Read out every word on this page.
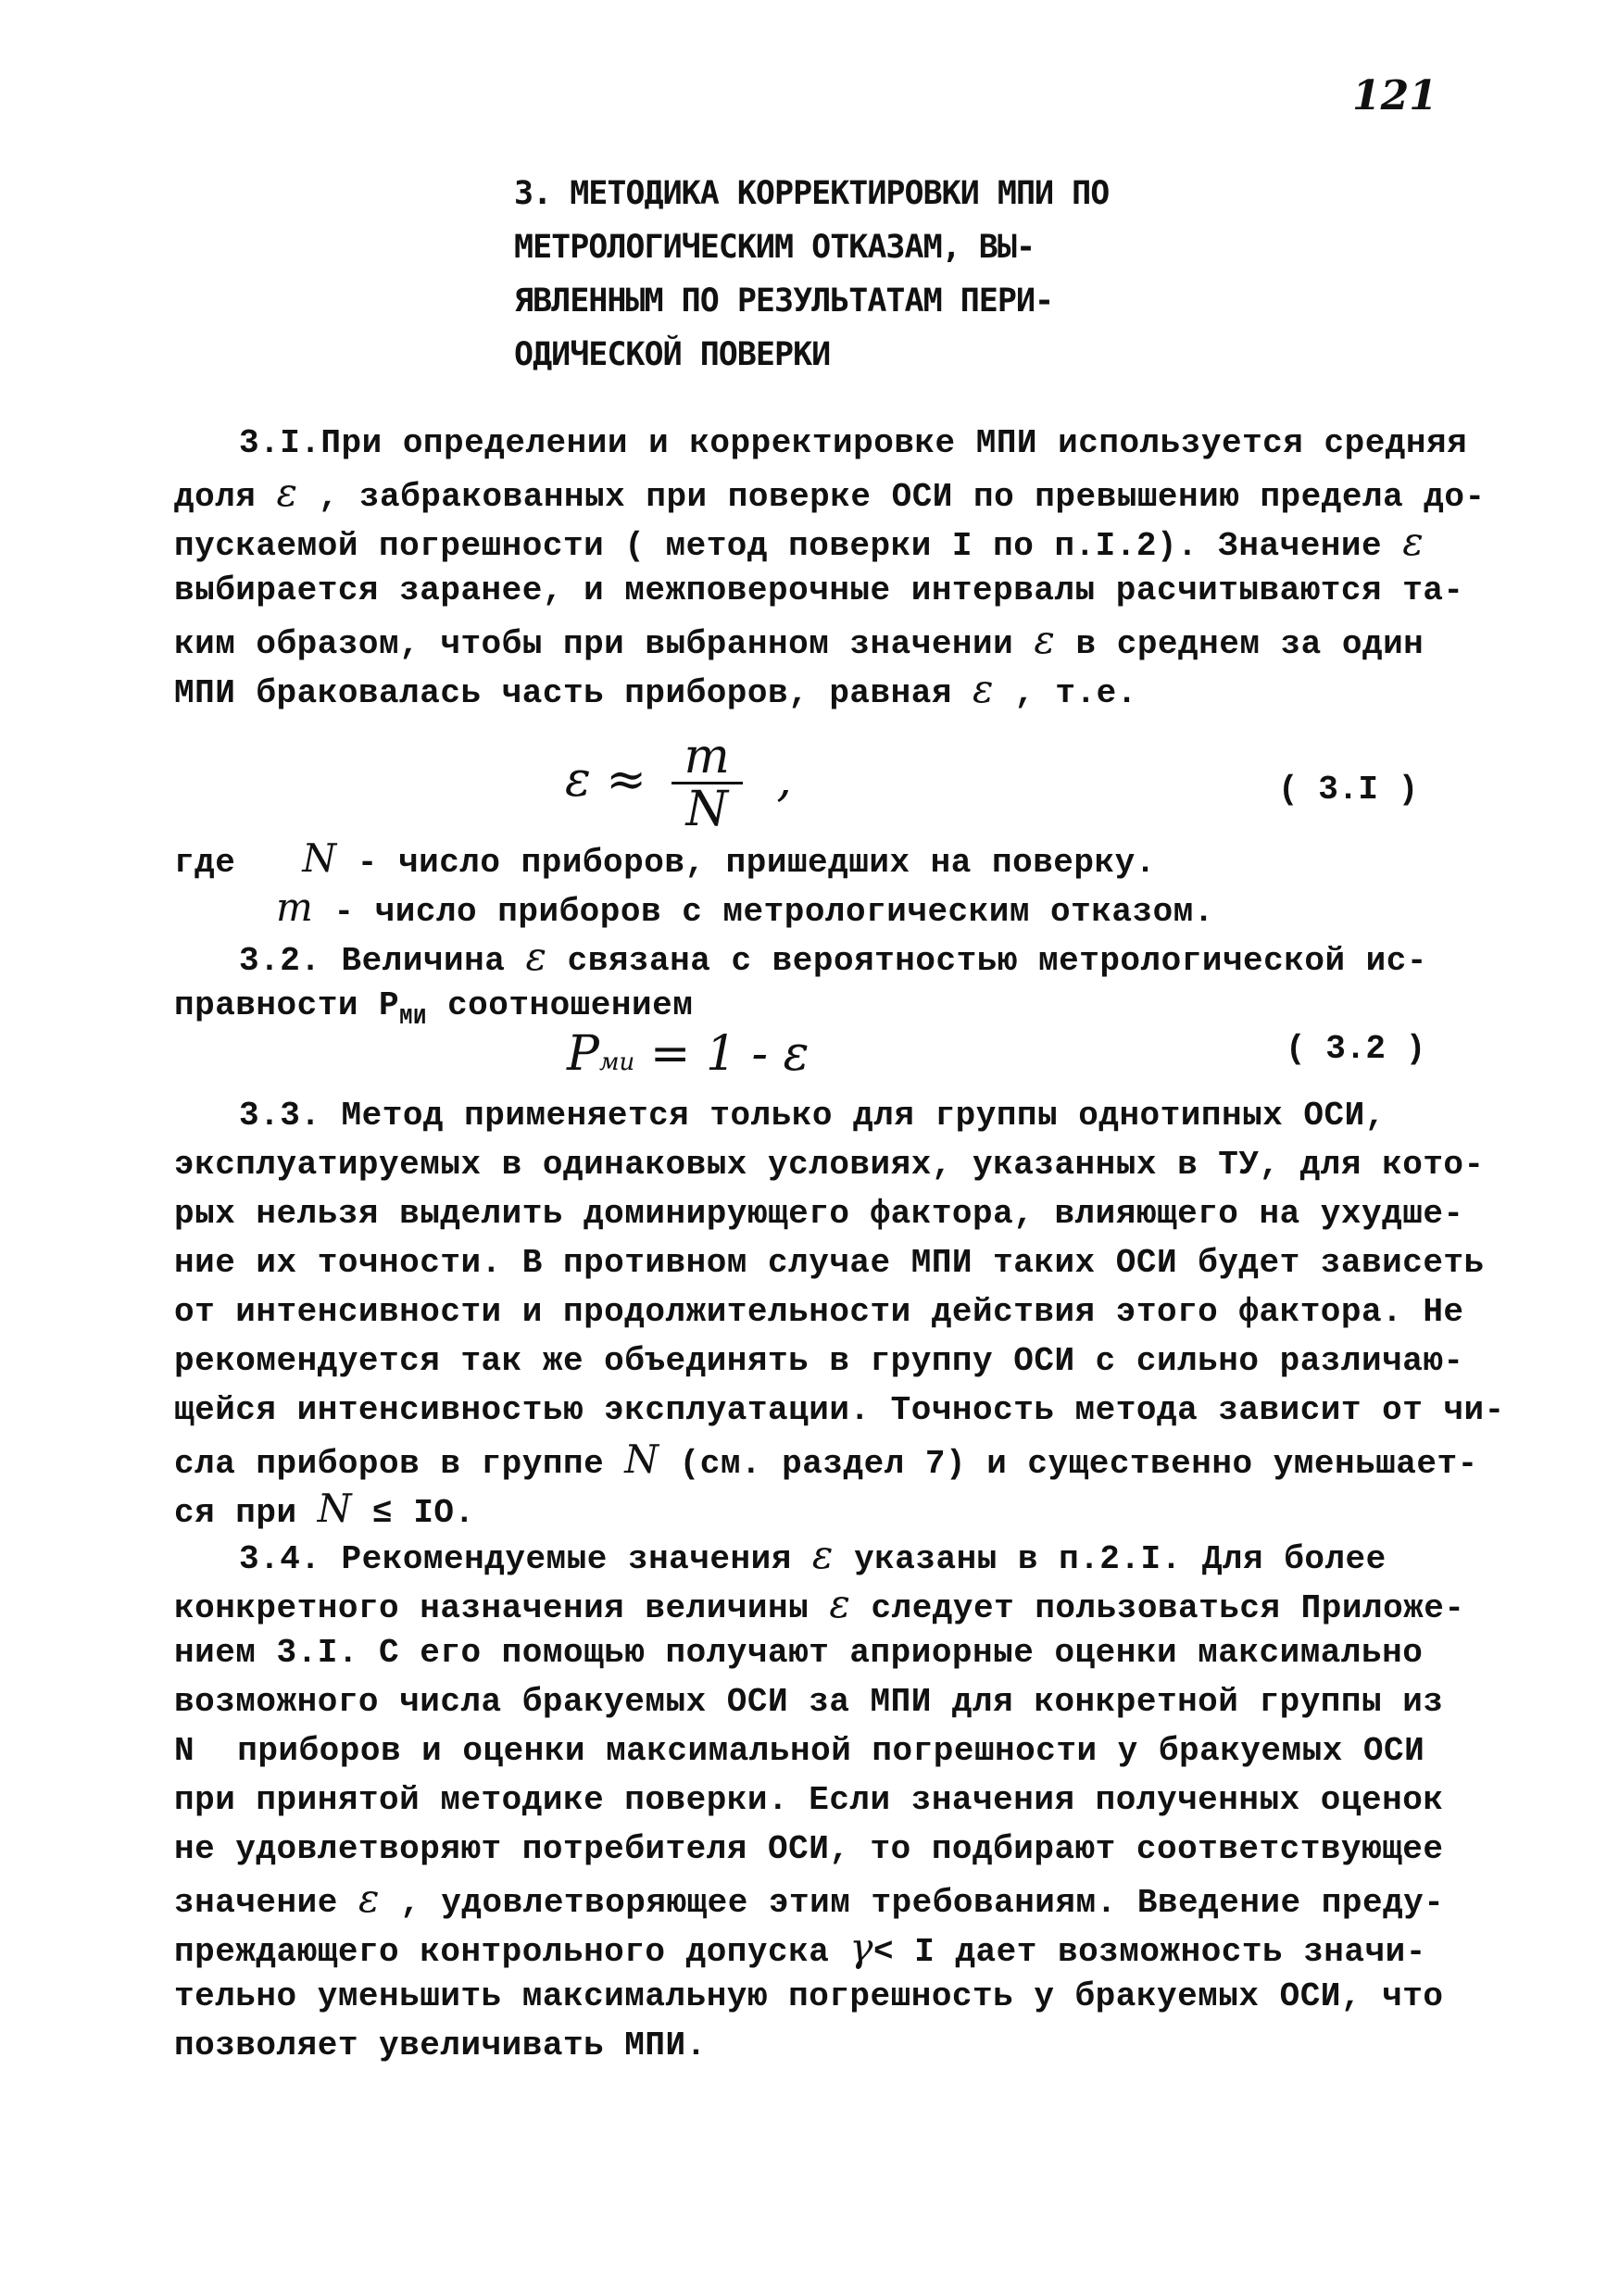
121
3. МЕТОДИКА КОРРЕКТИРОВКИ МПИ ПО
МЕТРОЛОГИЧЕСКИМ ОТКАЗАМ, ВЫ-
ЯВЛЕННЫМ ПО РЕЗУЛЬТАТАМ ПЕРИ-
ОДИЧЕСКОЙ ПОВЕРКИ
3.I.При определении и корректировке МПИ используется средняя
доля ε , забракованных при поверке ОСИ по превышению предела до-
пускаемой погрешности ( метод поверки I по п.I.2). Значение ε
выбирается заранее, и межповерочные интервалы расчитываются та-
ким образом, чтобы при выбранном значении ε в среднем за один
МПИ браковалась часть приборов, равная ε , т.е.
$\varepsilon \approx \frac{m}{N}$ ,	( 3.I )
где N - число приборов, пришедших на поверку.
m - число приборов с метрологическим отказом.
3.2. Величина ε связана с вероятностью метрологической ис-
правности $Р_{МИ}$ соотношением
Pми = 1 - ε	( 3.2 )
3.3. Метод применяется только для группы однотипных ОСИ,
эксплуатируемых в одинаковых условиях, указанных в ТУ, для кото-
рых нельзя выделить доминирующего фактора, влияющего на ухудше-
ние их точности. В противном случае МПИ таких ОСИ будет зависеть
от интенсивности и продолжительности действия этого фактора. Не
рекомендуется так же объединять в группу ОСИ с сильно различаю-
щейся интенсивностью эксплуатации. Точность метода зависит от чи-
сла приборов в группе N (см. раздел 7) и существенно уменьшает-
ся при N ≤ IO.
3.4. Рекомендуемые значения ε указаны в п.2.I. Для более
конкретного назначения величины ε следует пользоваться Приложе-
нием 3.I. С его помощью получают априорные оценки максимально
возможного числа бракуемых ОСИ за МПИ для конкретной группы из
N приборов и оценки максимальной погрешности у бракуемых ОСИ
при принятой методике поверки. Если значения полученных оценок
не удовлетворяют потребителя ОСИ, то подбирают соответствующее
значение ε , удовлетворяющее этим требованиям. Введение преду-
преждающего контрольного допуска γ< I дает возможность значи-
тельно уменьшить максимальную погрешность у бракуемых ОСИ, что
позволяет увеличивать МПИ.
